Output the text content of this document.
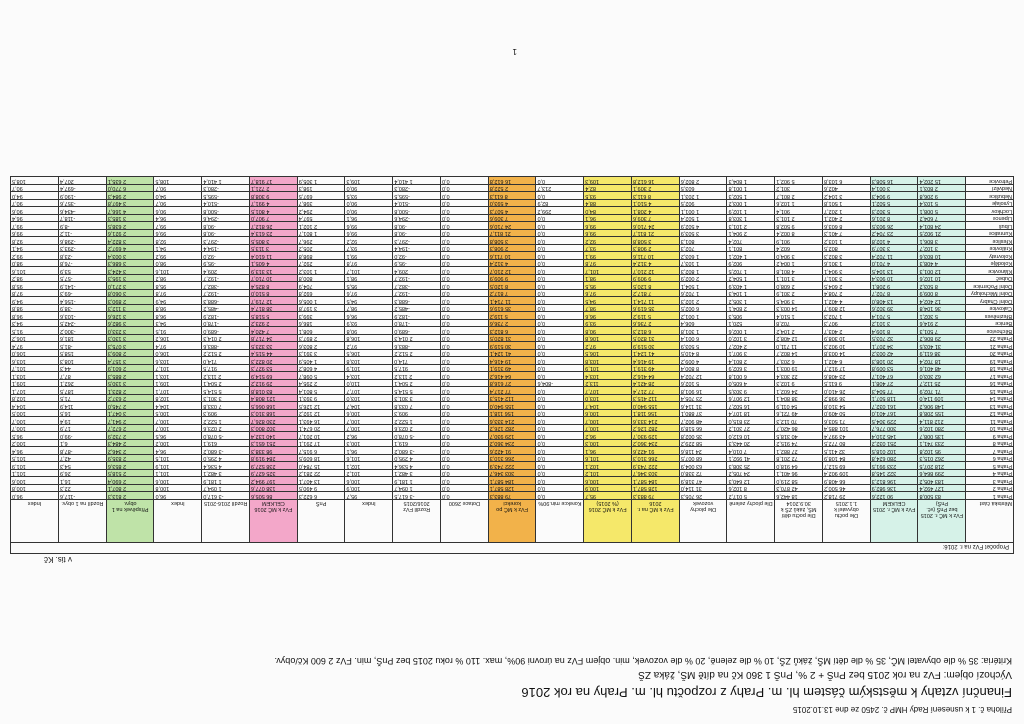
Příloha č. 1 k usnesení Rady HMP č. 2450 ze dne 13.10.2015
Finanční vztahy k městským částem hl. m. Prahy z rozpočtu hl. m. Prahy na rok 2016
Výchozí objem: FVz na rok 2015 bez PnŠ + 2 %, PnŠ 1 360 Kč na dítě MŠ, žáka ZŠ
Kritéria: 35 % dle obyvatel MČ, 35 % dle dětí MŠ, žáků ZŠ, 10 % dle zeleně, 20 % dle vozovek, min. objem FVz na úrovni 90%, max. 110 % roku 2015 bez PnŠ, min. FVz 2 600 Kč/obyv.
v tis. Kč
1
Propočet FVz na r. 2016:																				
Městská část	FVz k MČ r. 2015 bez PnŠ (vč. PnŠ)	FVz k MČ r. 2015 CELKEM	Dle počtu obyvatel k 1.1.2015	Dle počtu dětí MŠ, žáků ZŠ k 30.9.2014	Dle plochy zeleně	Dle plochy vozovek	FVz k MČ na r. 2016	FVz k MČ 2016 (% 2015)	Korekce min.90%	FVz k MČ po korekci	Dotace 2600	Rozdíl FVz 2016/2015	Index	PnŠ	FVz k MČ 2016 CELKEM	Rozdíl 2016-2015	Index	Příspěvek na 1 obyv.	Rozdíl na 1 obyv.	Index
Praha 1	83 500,8	90 122,6	29 718,2	18 442,6	5 017,2	26 705,3	79 883,3	95,7	0,0	79 883,3	0,0	-3 617,5	95,7	6 622,3	86 505,6	-3 617,0	96,0	2 813,3	-117,6	96,0
Praha 2	127 492,4	136 982,9	46 500,2	42 870,3	8 102,6	31 114,0	128 587,1	100,9	0,0	128 587,1	0,0	1 094,7	100,9	9 490,5	138 077,6	1 094,7	100,8	2 807,1	22,3	100,8
Praha 3	183 405,2	196 812,3	66 408,9	58 219,0	12 640,3	47 318,9	184 587,1	100,6	0,0	184 587,1	0,0	1 181,9	100,6	13 407,1	197 994,2	1 181,9	100,6	2 690,4	16,1	100,6
Praha 4	299 864,6	322 145,8	109 902,4	96 401,1	24 705,2	72 338,0	303 346,7	101,2	0,0	303 346,7	0,0	3 482,1	101,2	22 281,2	325 627,9	3 482,1	101,1	2 518,5	26,9	101,1
Praha 5	218 207,5	233 991,5	69 512,7	64 918,0	25 308,3	63 004,9	222 743,9	102,1	0,0	222 743,9	0,0	4 536,4	102,1	15 784,0	238 527,9	4 536,4	101,9	2 853,6	54,3	101,9
Praha 6	262 015,3	280 624,8	84 108,9	72 201,8	41 992,1	68 007,5	266 310,3	101,6	0,0	266 310,3	0,0	4 295,0	101,6	18 609,5	284 919,8	4 295,0	101,5	2 835,9	42,7	101,5
Praha 7	95 102,8	102 018,5	32 411,5	27 882,1	7 010,4	24 118,6	91 422,6	96,1	0,0	91 422,6	0,0	-3 680,2	96,1	6 915,7	98 338,3	-3 680,2	96,4	2 346,2	-87,8	96,4
Praha 8	233 741,1	251 032,2	80 772,5	74 915,2	20 443,3	58 229,2	234 360,2	100,3	0,0	234 360,2	0,0	619,1	100,3	17 291,1	251 651,3	619,1	100,2	2 484,3	6,1	100,2
Praha 9	135 008,7	145 210,4	43 997,4	40 318,5	10 612,0	35 002,8	129 930,7	96,2	0,0	129 930,7	0,0	-5 078,0	96,2	10 201,7	140 132,4	-5 078,0	96,5	2 732,9	-99,0	96,5
Praha 10	280 102,6	300 776,7	101 885,4	86 420,7	27 301,2	66 518,9	282 126,2	100,7	0,0	282 126,2	0,0	2 023,6	100,7	20 674,1	302 800,3	2 023,6	100,7	2 672,7	17,9	100,7
Praha 11	212 811,4	229 304,5	71 503,6	70 112,3	23 815,0	48 902,7	214 333,6	100,7	0,0	214 333,6	0,0	1 522,2	100,7	16 493,1	230 826,7	1 522,2	100,7	2 941,7	19,4	100,7
Praha 12	155 208,8	167 401,0	50 409,0	49 721,6	18 107,4	37 880,1	156 118,1	100,6	0,0	156 118,1	0,0	909,3	100,6	12 192,2	168 310,3	909,3	100,5	3 047,1	16,5	100,5
Praha 13	148 906,2	161 032,7	54 310,8	54 011,9	16 502,7	31 114,6	155 940,0	104,7	0,0	155 940,0	0,0	7 033,8	104,7	12 126,5	168 066,5	7 033,8	104,4	2 745,0	114,9	104,4
Praha 14	109 114,0	118 507,1	36 998,2	38 804,1	12 907,6	23 705,4	112 415,3	103,0	0,0	112 415,3	0,0	3 301,3	103,0	9 393,1	121 808,4	3 301,3	102,8	2 637,2	71,5	102,8
Praha 15	71 702,9	77 504,3	26 410,0	24 602,1	9 303,5	16 901,8	77 217,4	107,7	0,0	77 217,4	0,0	5 514,5	107,7	5 801,4	83 018,8	5 514,5	107,1	2 823,1	187,5	107,1
Praha 16	25 112,7	27 408,1	9 611,5	9 102,3	4 605,0	5 102,6	28 421,4	113,2	-804,6	27 616,8	0,0	2 504,1	110,0	2 295,4	29 912,2	2 504,1	109,1	3 130,5	262,1	109,1
Praha 17	62 303,0	67 401,7	23 408,6	22 303,4	6 001,8	12 702,4	64 416,2	103,4	0,0	64 416,2	0,0	2 113,2	103,4	5 098,7	69 514,9	2 113,2	103,1	2 885,3	87,7	103,1
Praha 18	48 401,6	53 009,8	17 912,7	19 003,1	3 602,9	8 800,4	49 319,1	101,9	0,0	49 319,1	0,0	917,5	101,9	4 608,2	53 927,3	917,5	101,7	2 601,9	44,3	101,7
Praha 19	18 702,4	20 108,3	6 402,1	6 203,7	2 801,4	4 009,2	19 416,4	103,8	0,0	19 416,4	0,0	714,0	103,8	1 405,9	20 822,3	714,0	103,6	3 157,4	108,3	103,6
Praha 20	38 611,9	42 003,2	14 003,8	14 802,7	3 907,1	8 410,5	41 124,1	106,5	0,0	41 124,1	0,0	2 512,2	106,5	3 391,3	44 515,4	2 512,2	106,0	2 809,3	158,5	106,0
Praha 21	31 403,5	34 207,1	10 902,3	11 711,0	2 402,7	5 503,9	30 519,9	97,2	0,0	30 519,9	0,0	-883,6	97,2	2 803,6	33 323,5	-883,6	97,4	3 075,3	-81,5	97,4
Praha 22	29 806,2	32 703,5	10 308,9	12 408,2	3 102,0	6 001,4	31 820,5	106,8	0,0	31 820,5	0,0	2 014,3	106,8	2 897,3	34 717,8	2 014,3	106,2	3 130,3	181,6	106,2
Běchovice	7 501,3	8 109,4	2 403,7	2 104,2	1 002,6	1 301,8	6 812,3	90,8	0,0	6 812,3	0,0	-689,0	90,8	608,1	7 420,4	-689,0	91,5	3 233,0	-300,2	91,5
Benice	2 914,6	3 101,2	907,3	702,8	520,1	606,4	2 736,6	93,9	0,0	2 736,6	0,0	-178,0	93,9	186,6	2 923,2	-178,0	94,3	3 982,6	-242,5	94,3
Březiněves	5 302,1	5 701,4	1 702,3	1 510,4	905,3	1 001,2	5 119,2	96,6	0,0	5 119,2	0,0	-182,9	96,6	399,3	5 518,5	-182,9	96,8	3 126,6	-103,6	96,8
Čakovice	36 104,8	39 302,6	12 809,7	14 003,3	2 804,1	6 002,5	35 619,6	98,7	0,0	35 619,6	0,0	-485,2	98,7	3 197,8	38 817,4	-485,2	98,8	3 112,3	-38,9	98,8
Dolní Chabry	12 402,4	13 408,0	4 402,1	3 904,5	1 305,2	2 102,3	11 714,1	94,5	0,0	11 714,1	0,0	-688,3	94,5	1 005,6	12 719,7	-688,3	94,9	2 890,3	-156,4	94,9
Dolní Měcholupy	8 009,9	8 702,7	2 708,4	2 301,9	1 104,3	1 702,6	7 817,2	97,6	0,0	7 817,2	0,0	-192,7	97,6	692,8	8 510,0	-192,7	97,8	3 060,8	-69,3	97,8
Dolní Počernice	8 503,2	9 208,1	2 604,5	2 608,0	1 403,9	1 504,1	8 120,5	95,5	0,0	8 120,5	0,0	-382,7	95,5	704,9	8 825,4	-382,7	95,8	3 271,0	-141,9	95,8
Dubeč	10 102,6	10 903,4	3 301,7	3 101,1	1 504,2	2 002,9	9 909,9	98,1	0,0	9 909,9	0,0	-192,7	98,1	800,8	10 710,7	-192,7	98,2	3 195,3	-57,5	98,2
Klánovice	12 001,3	13 104,5	3 904,1	4 801,8	1 702,5	1 802,3	12 210,7	101,7	0,0	12 210,7	0,0	209,4	101,7	1 103,2	13 313,9	209,4	101,6	3 424,3	53,9	101,6
Koloděje	4 408,3	4 701,0	1 301,6	1 004,2	902,9	1 103,7	4 312,4	97,8	0,0	4 312,4	0,0	-95,9	97,8	292,7	4 605,1	-95,9	98,0	3 686,3	-76,8	98,0
Kolovraty	10 803,6	11 702,4	3 802,3	3 904,0	1 402,1	1 603,2	10 711,6	99,1	0,0	10 711,6	0,0	-92,0	99,1	898,8	11 610,4	-92,0	99,2	3 003,4	-23,8	99,2
Královice	3 102,7	3 307,9	802,5	602,4	801,1	702,3	2 908,3	93,7	0,0	2 908,3	0,0	-194,4	93,7	205,2	3 113,5	-194,4	94,1	4 697,2	-293,3	94,1
Křeslice	3 806,1	4 102,8	1 103,2	901,9	702,4	801,3	3 508,8	92,2	0,0	3 508,8	0,0	-297,3	92,2	296,7	3 805,5	-297,3	92,8	3 822,4	-298,6	92,8
Kunratice	21 902,5	23 704,2	7 401,3	8 002,4	2 904,1	3 503,9	21 811,7	99,6	0,0	21 811,7	0,0	-90,8	99,6	1 801,7	23 613,4	-90,8	99,6	2 921,6	-11,2	99,6
Libuš	24 801,4	26 903,5	8 603,6	9 502,8	2 101,3	4 502,9	24 710,6	99,6	0,0	24 710,6	0,0	-90,8	99,6	2 102,1	26 812,7	-90,8	99,7	2 638,5	-8,9	99,7
Lipence	7 604,2	8 201,6	2 402,1	2 101,3	1 303,8	1 502,4	7 309,6	96,1	0,0	7 309,6	0,0	-294,6	96,1	597,4	7 907,0	-294,6	96,4	3 185,3	-118,7	96,4
Lochkov	5 008,1	5 302,3	1 202,7	901,4	1 102,9	1 001,1	4 208,1	84,0	299,2	4 507,3	0,0	-500,8	90,0	294,2	4 801,5	-500,8	90,6	4 166,7	-434,6	90,6
Lysolaje	5 103,4	5 502,1	1 501,8	1 102,6	1 003,2	902,5	4 510,1	88,4	82,9	4 593,0	0,0	-510,4	90,0	398,7	4 991,7	-510,4	90,7	3 497,8	-357,6	90,7
Nebušice	9 206,8	9 904,3	3 104,2	2 801,7	1 502,3	1 203,1	8 611,3	93,5	0,0	8 611,3	0,0	-595,5	93,5	697,5	9 308,8	-595,5	94,0	2 984,3	-190,9	94,0
Nedvězí	2 803,1	3 001,4	402,6	301,2	1 001,8	603,5	2 309,1	82,4	213,7	2 522,8	0,0	-280,3	90,0	198,3	2 721,1	-280,3	90,7	6 770,0	-697,4	90,7
Petrovice	15 202,4	16 508,3	6 103,8	5 902,1	1 804,3	2 802,6	16 612,8	109,3	0,0	16 612,8	0,0	1 410,4	109,3	1 305,9	17 918,7	1 410,4	108,5	2 635,1	207,4	108,5
